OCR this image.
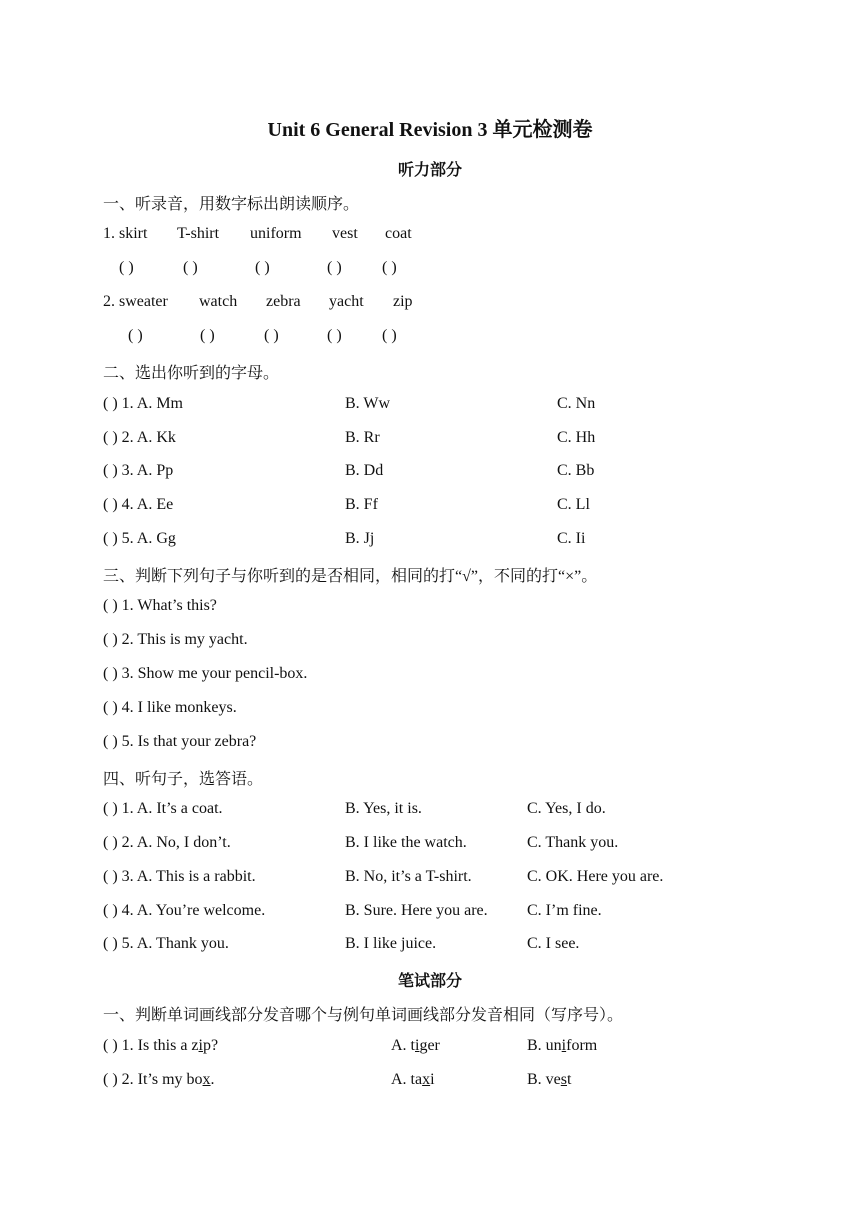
Unit 6 General Revision 3 单元检测卷
听力部分
一、听录音，用数字标出朗读顺序。
1. skirt T-shirt uniform vest coat
( )	( )	( )	( )	( )
2. sweater watch zebra yacht zip
( )	( )	( )	( )	( )
二、选出你听到的字母。
( ) 1. A. Mm	B. Ww	C. Nn
( ) 2. A. Kk	B. Rr	C. Hh
( ) 3. A. Pp	B. Dd	C. Bb
( ) 4. A. Ee	B. Ff	C. Ll
( ) 5. A. Gg	B. Jj	C. Ii
三、判断下列句子与你听到的是否相同，相同的打“√”，不同的打“×”。
( ) 1. What’s this?
( ) 2. This is my yacht.
( ) 3. Show me your pencil-box.
( ) 4. I like monkeys.
( ) 5. Is that your zebra?
四、听句子，选答语。
( ) 1. A. It’s a coat.	B. Yes, it is.	C. Yes, I do.
( ) 2. A. No, I don’t.	B. I like the watch.	C. Thank you.
( ) 3. A. This is a rabbit.	B. No, it’s a T-shirt.	C. OK. Here you are.
( ) 4. A. You’re welcome.	B. Sure. Here you are. C. I’m fine.
( ) 5. A. Thank you.	B. I like juice.	C. I see.
笔试部分
一、判断单词画线部分发音哪个与例句单词画线部分发音相同（写序号）。
( ) 1. Is this a zip?	A. tiger	B. uniform
( ) 2. It’s my box.	A. taxi	B. vest
